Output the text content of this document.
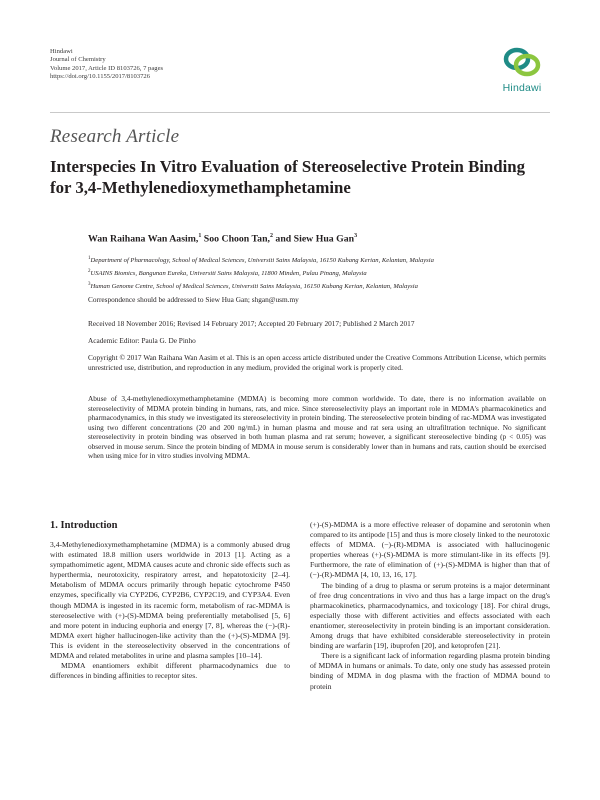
Hindawi
Journal of Chemistry
Volume 2017, Article ID 8103726, 7 pages
https://doi.org/10.1155/2017/8103726
Hindawi
Research Article
Interspecies In Vitro Evaluation of Stereoselective Protein Binding for 3,4-Methylenedioxymethamphetamine
Wan Raihana Wan Aasim,$^1$ Soo Choon Tan,$^2$ and Siew Hua Gan$^3$
$^1$Department of Pharmacology, School of Medical Sciences, Universiti Sains Malaysia, 16150 Kubang Kerian, Kelantan, Malaysia
$^2$USAINS Biomics, Bangunan Eureka, Universiti Sains Malaysia, 11800 Minden, Pulau Pinang, Malaysia
$^3$Human Genome Centre, School of Medical Sciences, Universiti Sains Malaysia, 16150 Kubang Kerian, Kelantan, Malaysia
Correspondence should be addressed to Siew Hua Gan; shgan@usm.my
Received 18 November 2016; Revised 14 February 2017; Accepted 20 February 2017; Published 2 March 2017
Academic Editor: Paula G. De Pinho
Copyright © 2017 Wan Raihana Wan Aasim et al. This is an open access article distributed under the Creative Commons Attribution License, which permits unrestricted use, distribution, and reproduction in any medium, provided the original work is properly cited.
Abuse of 3,4-methylenedioxymethamphetamine (MDMA) is becoming more common worldwide. To date, there is no information available on stereoselectivity of MDMA protein binding in humans, rats, and mice. Since stereoselectivity plays an important role in MDMA's pharmacokinetics and pharmacodynamics, in this study we investigated its stereoselectivity in protein binding. The stereoselective protein binding of rac-MDMA was investigated using two different concentrations (20 and 200 ng/mL) in human plasma and mouse and rat sera using an ultrafiltration technique. No significant stereoselectivity in protein binding was observed in both human plasma and rat serum; however, a significant stereoselective binding (p < 0.05) was observed in mouse serum. Since the protein binding of MDMA in mouse serum is considerably lower than in humans and rats, caution should be exercised when using mice for in vitro studies involving MDMA.
1. Introduction

3,4-Methylenedioxymethamphetamine (MDMA) is a commonly abused drug with estimated 18.8 million users worldwide in 2013 [1]. Acting as a sympathomimetic agent, MDMA causes acute and chronic side effects such as hyperthermia, neurotoxicity, respiratory arrest, and hepatotoxicity [2–4]. Metabolism of MDMA occurs primarily through hepatic cytochrome P450 enzymes, specifically via CYP2D6, CYP2B6, CYP2C19, and CYP3A4. Even though MDMA is ingested in its racemic form, metabolism of rac-MDMA is stereoselective with (+)-(S)-MDMA being preferentially metabolised [5, 6] and more potent in inducing euphoria and energy [7, 8], whereas the (−)-(R)-MDMA exert higher hallucinogen-like activity than the (+)-(S)-MDMA [9]. This is evident in the stereoselectivity observed in the concentrations of MDMA and related metabolites in urine and plasma samples [10–14].

MDMA enantiomers exhibit different pharmacodynamics due to differences in binding affinities to receptor sites.

(+)-(S)-MDMA is a more effective releaser of dopamine and serotonin when compared to its antipode [15] and thus is more closely linked to the neurotoxic effects of MDMA. (−)-(R)-MDMA is associated with hallucinogenic properties whereas (+)-(S)-MDMA is more stimulant-like in its effects [9]. Furthermore, the rate of elimination of (+)-(S)-MDMA is higher than that of (−)-(R)-MDMA [4, 10, 13, 16, 17].

The binding of a drug to plasma or serum proteins is a major determinant of free drug concentrations in vivo and thus has a large impact on the drug's pharmacokinetics, pharmacodynamics, and toxicology [18]. For chiral drugs, especially those with different activities and effects associated with each enantiomer, stereoselectivity in protein binding is an important consideration. Among drugs that have exhibited considerable stereoselectivity in protein binding are warfarin [19], ibuprofen [20], and ketoprofen [21].

There is a significant lack of information regarding plasma protein binding of MDMA in humans or animals. To date, only one study has assessed protein binding of MDMA in dog plasma with the fraction of MDMA bound to protein
